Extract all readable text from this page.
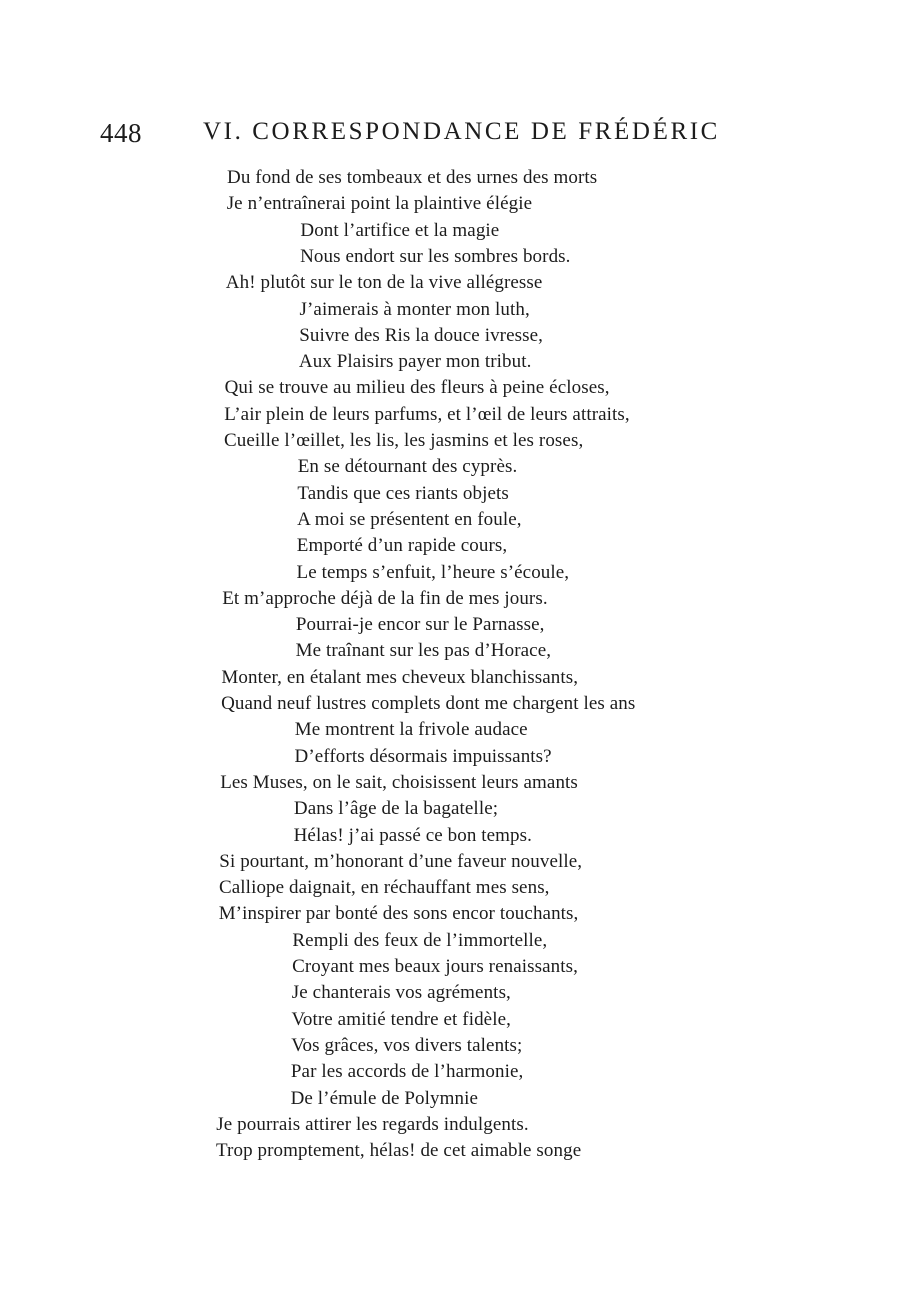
448 VI. CORRESPONDANCE DE FRÉDÉRIC
Du fond de ses tombeaux et des urnes des morts
Je n’entraînerai point la plaintive élégie
Dont l’artifice et la magie
Nous endort sur les sombres bords.
Ah! plutôt sur le ton de la vive allégresse
J’aimerais à monter mon luth,
Suivre des Ris la douce ivresse,
Aux Plaisirs payer mon tribut.
Qui se trouve au milieu des fleurs à peine écloses,
L’air plein de leurs parfums, et l’œil de leurs attraits,
Cueille l’œillet, les lis, les jasmins et les roses,
En se détournant des cyprès.
Tandis que ces riants objets
A moi se présentent en foule,
Emporté d’un rapide cours,
Le temps s’enfuit, l’heure s’écoule,
Et m’approche déjà de la fin de mes jours.
Pourrai-je encor sur le Parnasse,
Me traînant sur les pas d’Horace,
Monter, en étalant mes cheveux blanchissants,
Quand neuf lustres complets dont me chargent les ans
Me montrent la frivole audace
D’efforts désormais impuissants?
Les Muses, on le sait, choisissent leurs amants
Dans l’âge de la bagatelle;
Hélas! j’ai passé ce bon temps.
Si pourtant, m’honorant d’une faveur nouvelle,
Calliope daignait, en réchauffant mes sens,
M’inspirer par bonté des sons encor touchants,
Rempli des feux de l’immortelle,
Croyant mes beaux jours renaissants,
Je chanterais vos agréments,
Votre amitié tendre et fidèle,
Vos grâces, vos divers talents;
Par les accords de l’harmonie,
De l’émule de Polymnie
Je pourrais attirer les regards indulgents.
Trop promptement, hélas! de cet aimable songe
